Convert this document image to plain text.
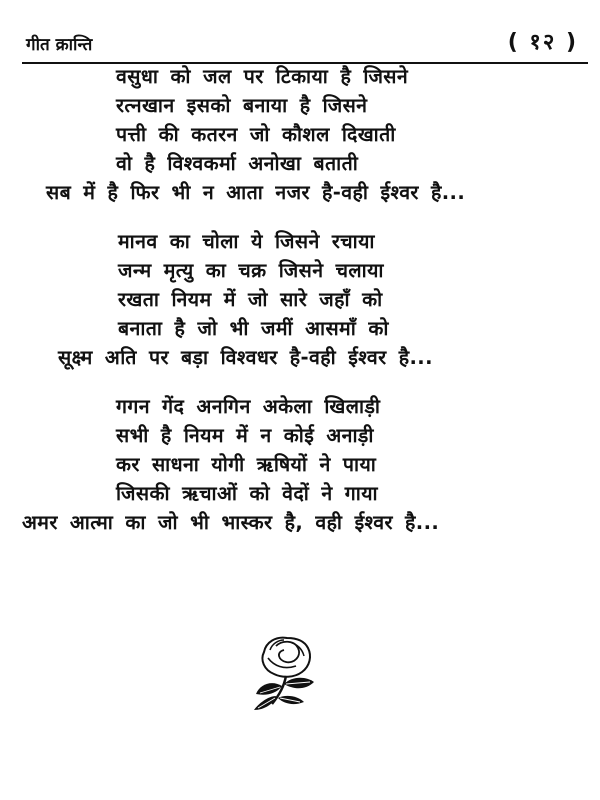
गीत क्रान्ति	( १२ )
वसुधा को जल पर टिकाया है जिसने
रत्नखान इसको बनाया है जिसने
पत्ती की कतरन जो कौशल दिखाती
वो है विश्वकर्मा अनोखा बताती
सब में है फिर भी न आता नजर है-वही ईश्वर है...
मानव का चोला ये जिसने रचाया
जन्म मृत्यु का चक्र जिसने चलाया
रखता नियम में जो सारे जहाँ को
बनाता है जो भी जमीं आसमाँ को
सूक्ष्म अति पर बड़ा विश्वधर है-वही ईश्वर है...
गगन गेंद अनगिन अकेला खिलाड़ी
सभी है नियम में न कोई अनाड़ी
कर साधना योगी ऋषियों ने पाया
जिसकी ऋचाओं को वेदों ने गाया
अमर आत्मा का जो भी भास्कर है, वही ईश्वर है...
